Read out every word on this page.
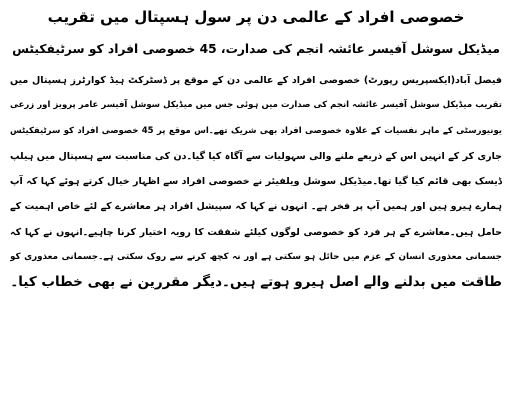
خصوصی افراد کے عالمی دن پر سول ہسپتال میں تقریب
میڈیکل سوشل آفیسر عائشہ انجم کی صدارت، 45 خصوصی افراد کو سرٹیفکیٹس
فیصل آباد(ایکسپریس رپورٹ) خصوصی افراد کے عالمی دن کے موقع پر ڈسٹرکٹ ہیڈ کوارٹرز ہسپتال میں
تقریب میڈیکل سوشل آفیسر عائشہ انجم کی صدارت میں ہوئی جس میں میڈیکل سوشل آفیسر عامر پرویز اور زرعی
یونیورسٹی کے ماہر نفسیات کے علاوہ خصوصی افراد بھی شریک تھے۔اس موقع پر 45 خصوصی افراد کو سرٹیفکیٹس
جاری کر کے انہیں اس کے ذریعے ملنے والی سہولیات سے آگاہ کیا گیا۔دن کی مناسبت سے ہسپتال میں ہیلپ
ڈیسک بھی قائم کیا گیا تھا۔میڈیکل سوشل ویلفیئر نے خصوصی افراد سے اظہار خیال کرتے ہوئے کہا کہ آپ
ہمارے ہیرو ہیں اور ہمیں آپ پر فخر ہے۔ انہوں نے کہا کہ سپیشل افراد ہر معاشرے کے لئے خاص اہمیت کے
حامل ہیں۔معاشرے کے ہر فرد کو خصوصی لوگوں کیلئے شفقت کا رویہ اختیار کرنا چاہیے۔انہوں نے کہا کہ
جسمانی معذوری انسان کے عزم میں حائل ہو سکتی ہے اور نہ کچھ کرنے سے روک سکتی ہے۔جسمانی معذوری کو
طاقت میں بدلنے والے اصل ہیرو ہوتے ہیں۔دیگر مقررین نے بھی خطاب کیا۔
